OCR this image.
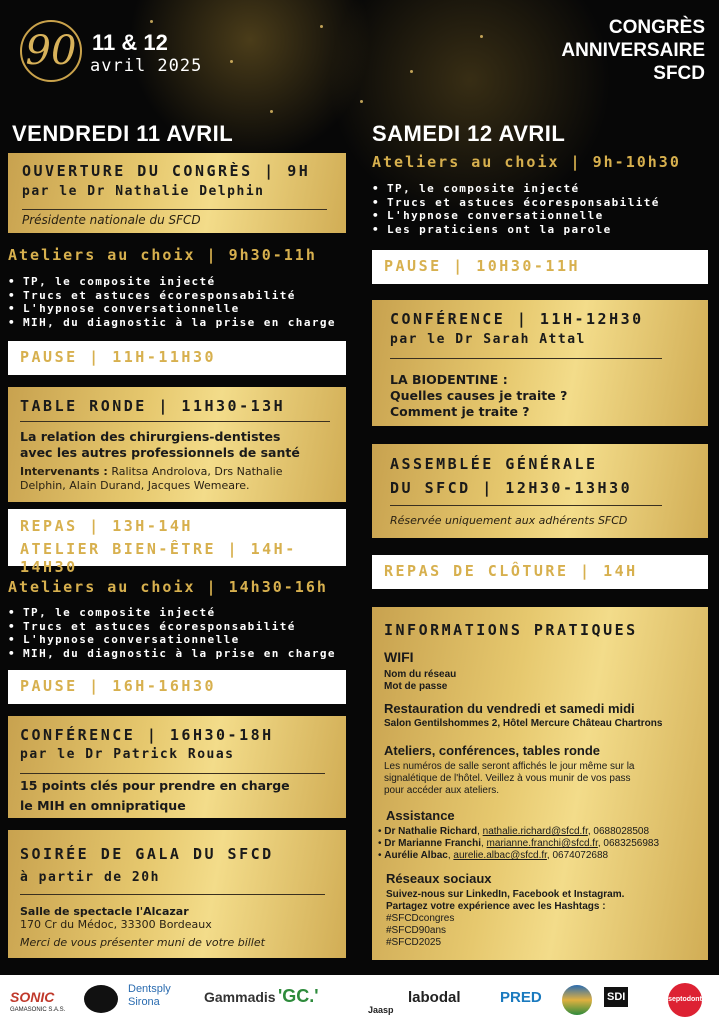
90 11 & 12
avril 2025
CONGRÈS
ANNIVERSAIRE
SFCD
VENDREDI 11 AVRIL
OUVERTURE DU CONGRÈS | 9H
par le Dr Nathalie Delphin
Présidente nationale du SFCD
Ateliers au choix | 9h30-11h
• TP, le composite injecté
• Trucs et astuces écoresponsabilité
• L'hypnose conversationnelle
• MIH, du diagnostic à la prise en charge
PAUSE | 11H-11H30
TABLE RONDE | 11H30-13H
La relation des chirurgiens-dentistes
avec les autres professionnels de santé
Intervenants : Ralitsa Androlova, Drs Nathalie
Delphin, Alain Durand, Jacques Wemeare.
REPAS | 13H-14H
ATELIER BIEN-ÊTRE | 14H-14H30
Ateliers au choix | 14h30-16h
• TP, le composite injecté
• Trucs et astuces écoresponsabilité
• L'hypnose conversationnelle
• MIH, du diagnostic à la prise en charge
PAUSE | 16H-16H30
CONFÉRENCE | 16H30-18H
par le Dr Patrick Rouas
15 points clés pour prendre en charge
le MIH en omnipratique
SOIRÉE DE GALA DU SFCD
à partir de 20h
Salle de spectacle l'Alcazar
170 Cr du Médoc, 33300 Bordeaux
Merci de vous présenter muni de votre billet
SAMEDI 12 AVRIL
Ateliers au choix | 9h-10h30
• TP, le composite injecté
• Trucs et astuces écoresponsabilité
• L'hypnose conversationnelle
• Les praticiens ont la parole
PAUSE | 10H30-11H
CONFÉRENCE | 11H-12H30
par le Dr Sarah Attal
LA BIODENTINE :
Quelles causes je traite ?
Comment je traite ?
ASSEMBLÉE GÉNÉRALE
DU SFCD | 12H30-13H30
Réservée uniquement aux adhérents SFCD
REPAS DE CLÔTURE | 14H
INFORMATIONS PRATIQUES
WIFI
Nom du réseau
Mot de passe
Restauration du vendredi et samedi midi
Salon Gentilshommes 2, Hôtel Mercure Château Chartrons
Ateliers, conférences, tables ronde
Les numéros de salle seront affichés le jour même sur la
signalétique de l'hôtel. Veillez à vous munir de vos pass
pour accéder aux ateliers.
Assistance
• Dr Nathalie Richard, nathalie.richard@sfcd.fr, 0688028508
• Dr Marianne Franchi, marianne.franchi@sfcd.fr, 0683256983
• Aurélie Albac, aurelie.albac@sfcd.fr, 0674072688
Réseaux sociaux
Suivez-nous sur LinkedIn, Facebook et Instagram.
Partagez votre expérience avec les Hashtags :
#SFCDcongres
#SFCD90ans
#SFCD2025
SONIC
GAMASONIC S.A.S.
Dentsply Sirona	Gammadis 'GC.'
Jaasp
labodal	PRED	SDI	septodont
